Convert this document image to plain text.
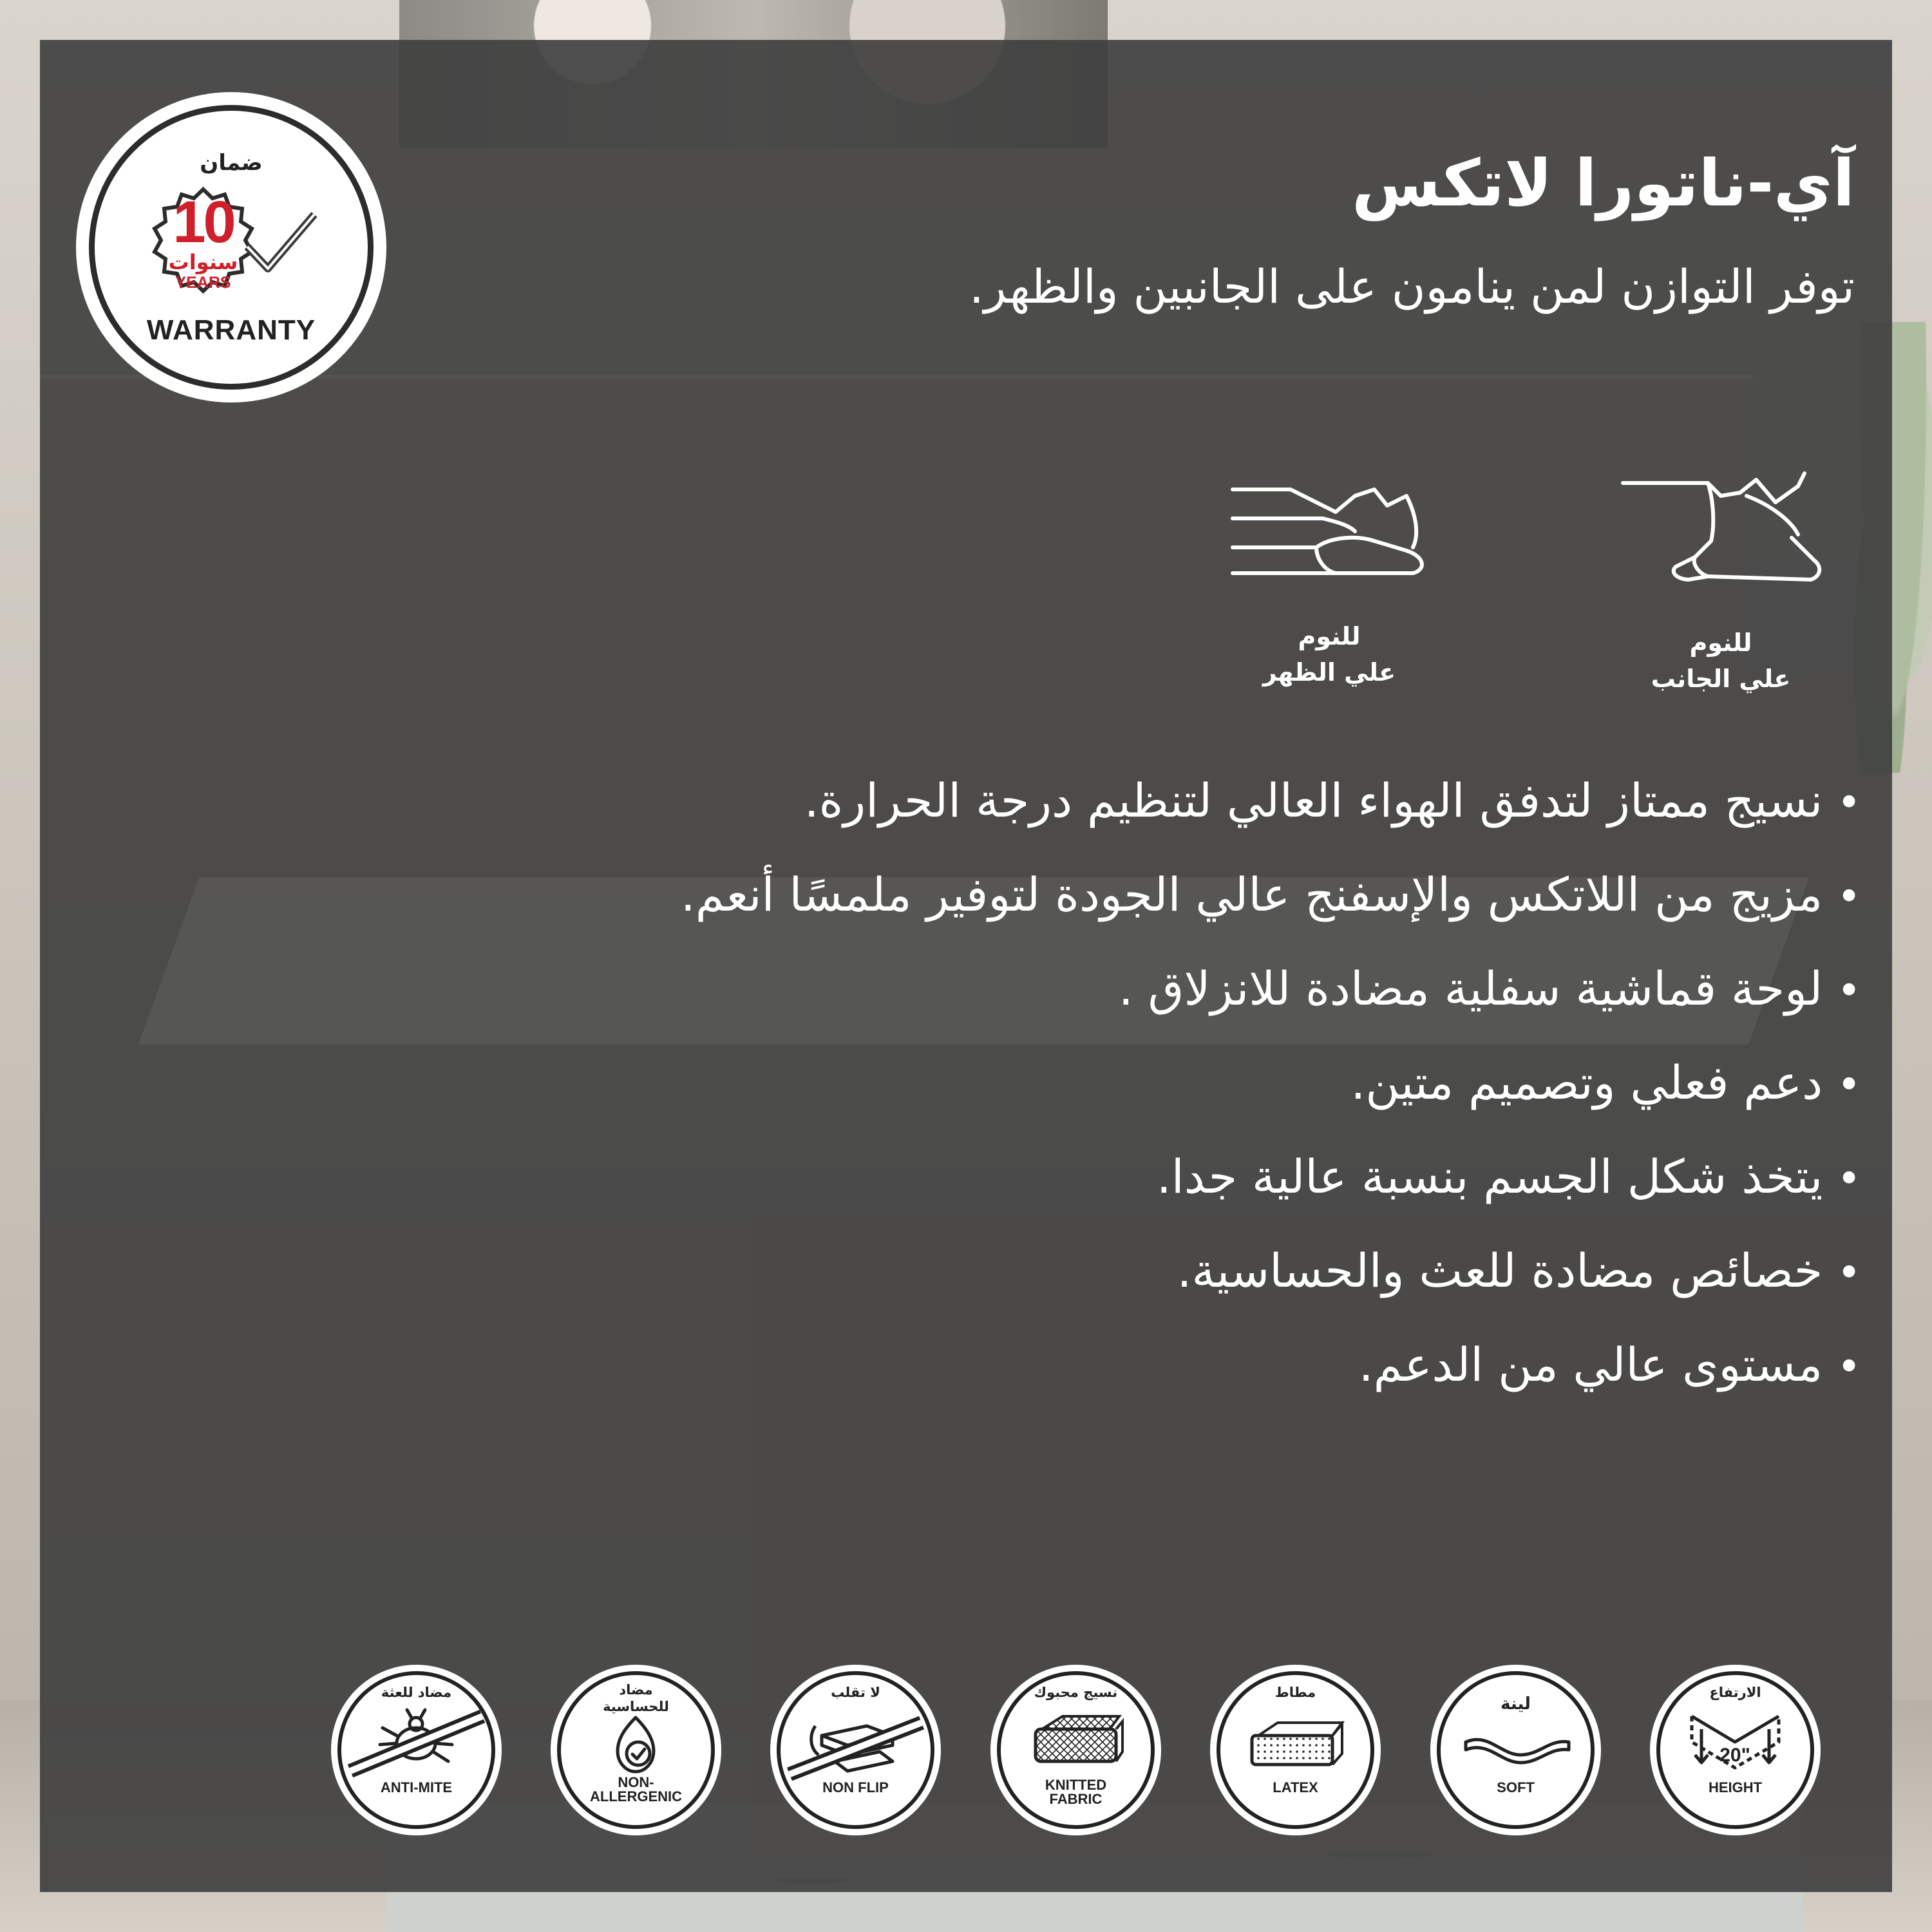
ضمان
10
سنوات
YEARS
WARRANTY
آي-ناتورا لاتكس
توفر التوازن لمن ينامون على الجانبين والظهر.
للنوم
علي الجانب
للنوم
علي الظهر
•نسيج ممتاز لتدفق الهواء العالي لتنظيم درجة الحرارة.
•مزيج من اللاتكس والإسفنج عالي الجودة لتوفير ملمسًا أنعم.
•لوحة قماشية سفلية مضادة للانزلاق .
•دعم فعلي وتصميم متين.
•يتخذ شكل الجسم بنسبة عالية جدا.
•خصائص مضادة للعث والحساسية.
•مستوى عالي من الدعم.
مضاد للعثة
ANTI-MITE
مضاد
للحساسية
NON-
ALLERGENIC
لا تقلب
NON FLIP
نسيج محبوك
KNITTED
FABRIC
مطاط
LATEX
لينة
SOFT
20"
الارتفاع
HEIGHT
